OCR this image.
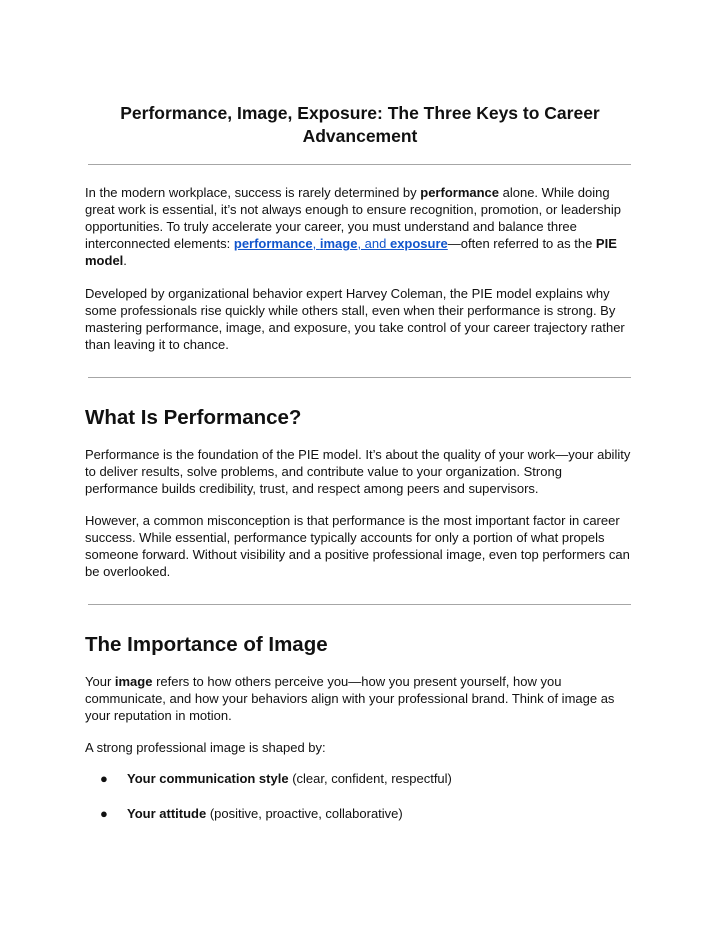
Performance, Image, Exposure: The Three Keys to Career Advancement

In the modern workplace, success is rarely determined by performance alone. While doing great work is essential, it’s not always enough to ensure recognition, promotion, or leadership opportunities. To truly accelerate your career, you must understand and balance three interconnected elements: performance, image, and exposure—often referred to as the PIE model.

Developed by organizational behavior expert Harvey Coleman, the PIE model explains why some professionals rise quickly while others stall, even when their performance is strong. By mastering performance, image, and exposure, you take control of your career trajectory rather than leaving it to chance.

What Is Performance?

Performance is the foundation of the PIE model. It’s about the quality of your work—your ability to deliver results, solve problems, and contribute value to your organization. Strong performance builds credibility, trust, and respect among peers and supervisors.

However, a common misconception is that performance is the most important factor in career success. While essential, performance typically accounts for only a portion of what propels someone forward. Without visibility and a positive professional image, even top performers can be overlooked.

The Importance of Image

Your image refers to how others perceive you—how you present yourself, how you communicate, and how your behaviors align with your professional brand. Think of image as your reputation in motion.

A strong professional image is shaped by:

● Your communication style (clear, confident, respectful)

● Your attitude (positive, proactive, collaborative)
